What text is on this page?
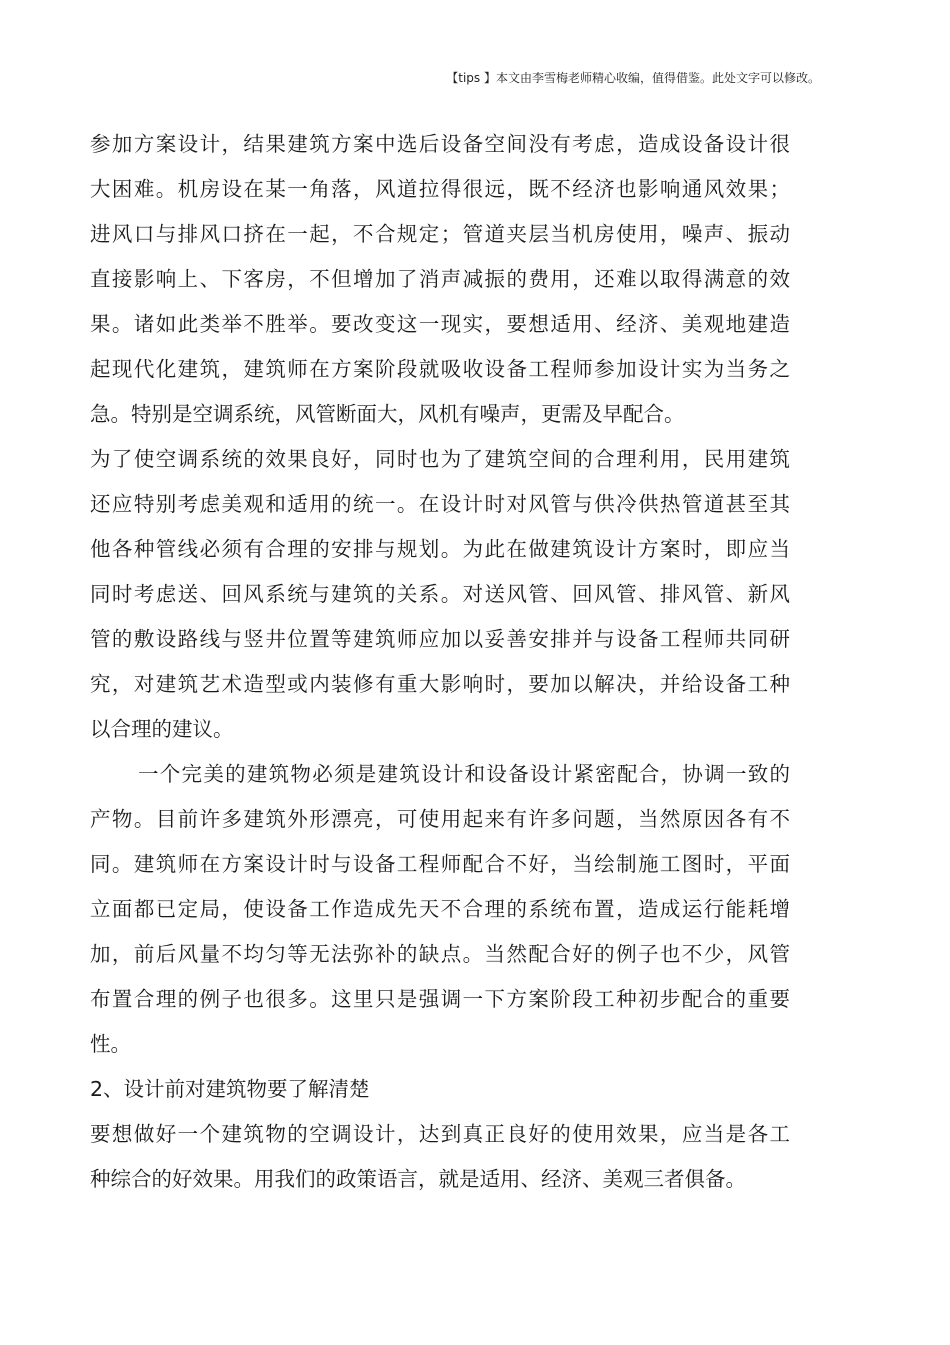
【tips 】本文由李雪梅老师精心收编，值得借鉴。此处文字可以修改。
参加方案设计，结果建筑方案中选后设备空间没有考虑，造成设备设计很
大困难。机房设在某一角落，风道拉得很远，既不经济也影响通风效果；
进风口与排风口挤在一起，不合规定；管道夹层当机房使用，噪声、振动
直接影响上、下客房，不但增加了消声减振的费用，还难以取得满意的效
果。诸如此类举不胜举。要改变这一现实，要想适用、经济、美观地建造
起现代化建筑，建筑师在方案阶段就吸收设备工程师参加设计实为当务之
急。特别是空调系统，风管断面大，风机有噪声，更需及早配合。
为了使空调系统的效果良好，同时也为了建筑空间的合理利用，民用建筑
还应特别考虑美观和适用的统一。在设计时对风管与供冷供热管道甚至其
他各种管线必须有合理的安排与规划。为此在做建筑设计方案时，即应当
同时考虑送、回风系统与建筑的关系。对送风管、回风管、排风管、新风
管的敷设路线与竖井位置等建筑师应加以妥善安排并与设备工程师共同研
究，对建筑艺术造型或内装修有重大影响时，要加以解决，并给设备工种
以合理的建议。
一个完美的建筑物必须是建筑设计和设备设计紧密配合，协调一致的
产物。目前许多建筑外形漂亮，可使用起来有许多问题，当然原因各有不
同。建筑师在方案设计时与设备工程师配合不好，当绘制施工图时，平面
立面都已定局，使设备工作造成先天不合理的系统布置，造成运行能耗增
加，前后风量不均匀等无法弥补的缺点。当然配合好的例子也不少，风管
布置合理的例子也很多。这里只是强调一下方案阶段工种初步配合的重要
性。
2、设计前对建筑物要了解清楚
要想做好一个建筑物的空调设计，达到真正良好的使用效果，应当是各工
种综合的好效果。用我们的政策语言，就是适用、经济、美观三者俱备。
